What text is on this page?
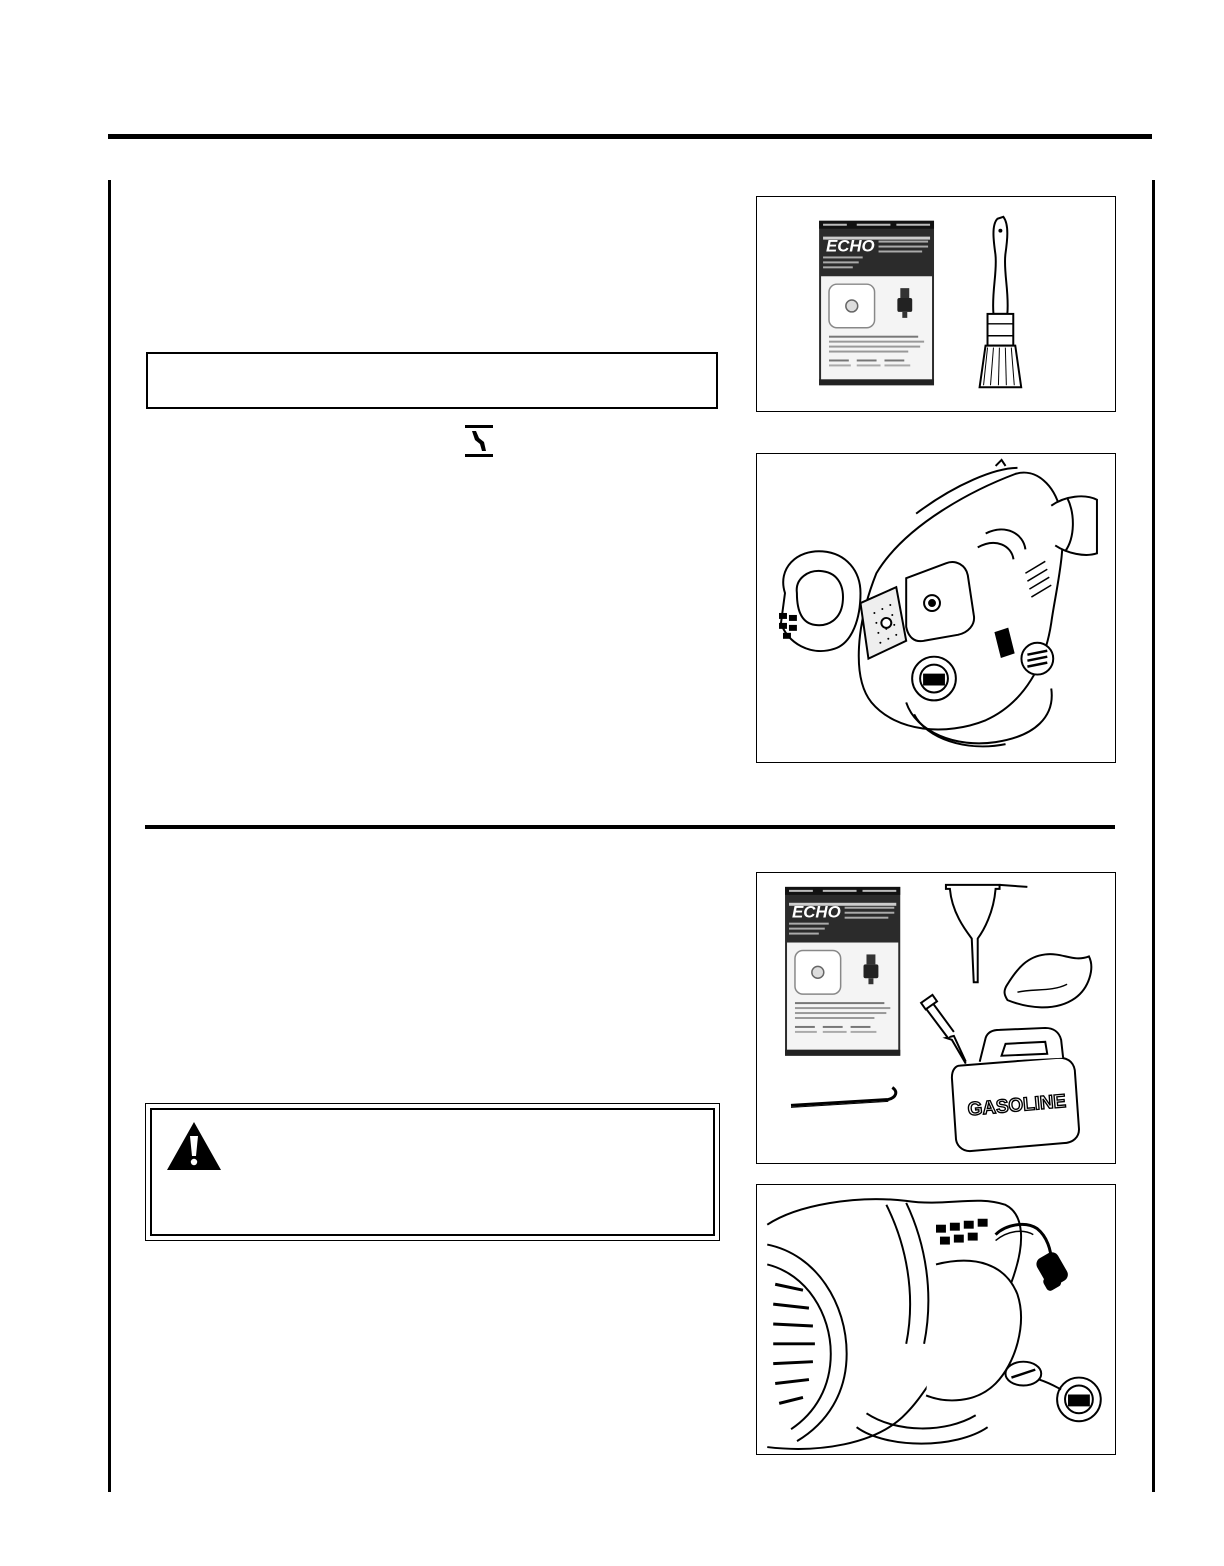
ECHO
ECHO
GASOLINE
